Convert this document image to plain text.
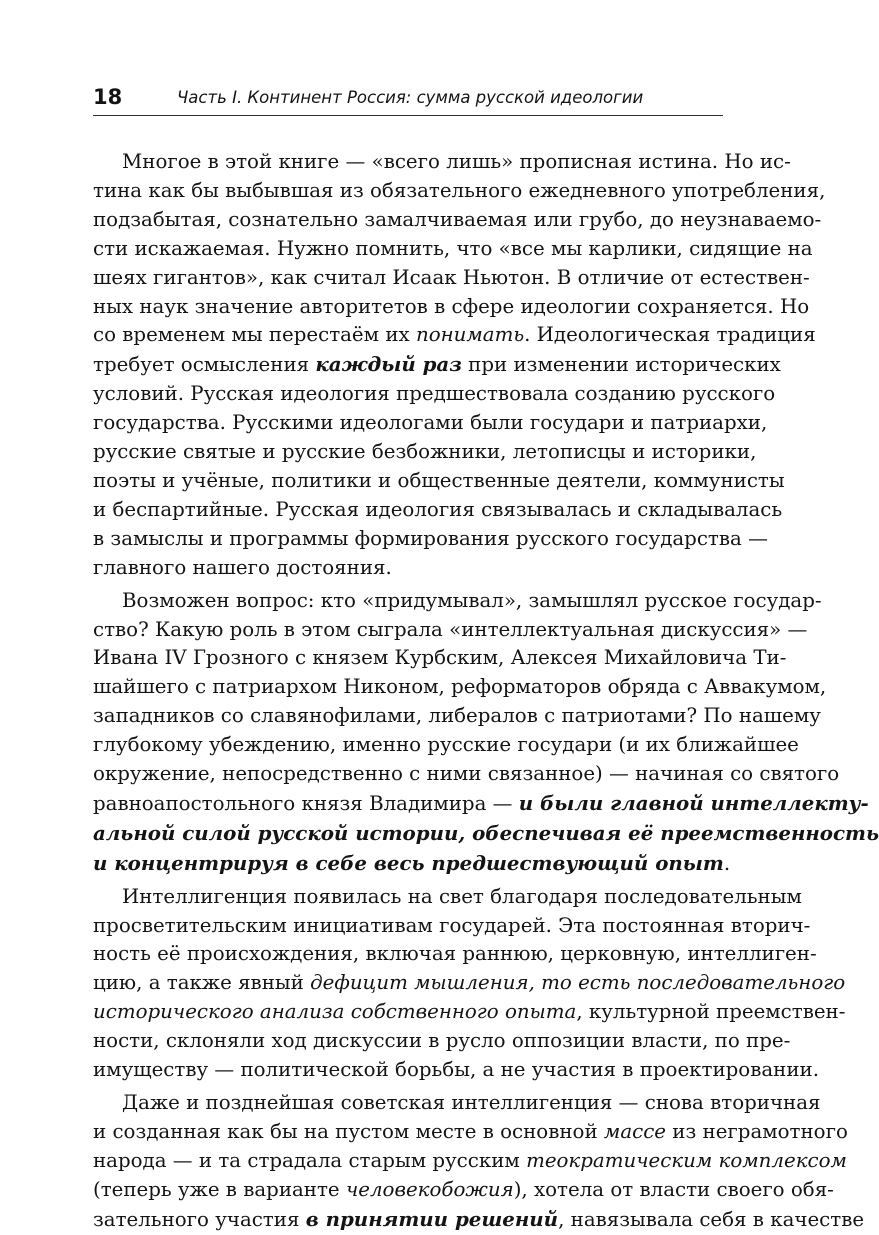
18	Часть I. Континент Россия: сумма русской идеологии
Многое в этой книге — «всего лишь» прописная истина. Но ис-
тина как бы выбывшая из обязательного ежедневного употребления,
подзабытая, сознательно замалчиваемая или грубо, до неузнаваемо-
сти искажаемая. Нужно помнить, что «все мы карлики, сидящие на
шеях гигантов», как считал Исаак Ньютон. В отличие от естествен-
ных наук значение авторитетов в сфере идеологии сохраняется. Но
со временем мы перестаём их понимать. Идеологическая традиция
требует осмысления каждый раз при изменении исторических
условий. Русская идеология предшествовала созданию русского
государства. Русскими идеологами были государи и патриархи,
русские святые и русские безбожники, летописцы и историки,
поэты и учёные, политики и общественные деятели, коммунисты
и беспартийные. Русская идеология связывалась и складывалась
в замыслы и программы формирования русского государства —
главного нашего достояния.
Возможен вопрос: кто «придумывал», замышлял русское государ-
ство? Какую роль в этом сыграла «интеллектуальная дискуссия» —
Ивана IV Грозного с князем Курбским, Алексея Михайловича Ти-
шайшего с патриархом Никоном, реформаторов обряда с Аввакумом,
западников со славянофилами, либералов с патриотами? По нашему
глубокому убеждению, именно русские государи (и их ближайшее
окружение, непосредственно с ними связанное) — начиная со святого
равноапостольного князя Владимира — и были главной интеллекту-
альной силой русской истории, обеспечивая её преемственность
и концентрируя в себе весь предшествующий опыт.
Интеллигенция появилась на свет благодаря последовательным
просветительским инициативам государей. Эта постоянная вторич-
ность её происхождения, включая раннюю, церковную, интеллиген-
цию, а также явный дефицит мышления, то есть последовательного
исторического анализа собственного опыта, культурной преемствен-
ности, склоняли ход дискуссии в русло оппозиции власти, по пре-
имуществу — политической борьбы, а не участия в проектировании.
Даже и позднейшая советская интеллигенция — снова вторичная
и созданная как бы на пустом месте в основной массе из неграмотного
народа — и та страдала старым русским теократическим комплексом
(теперь уже в варианте человекобожия), хотела от власти своего обя-
зательного участия в принятии решений, навязывала себя в качестве
